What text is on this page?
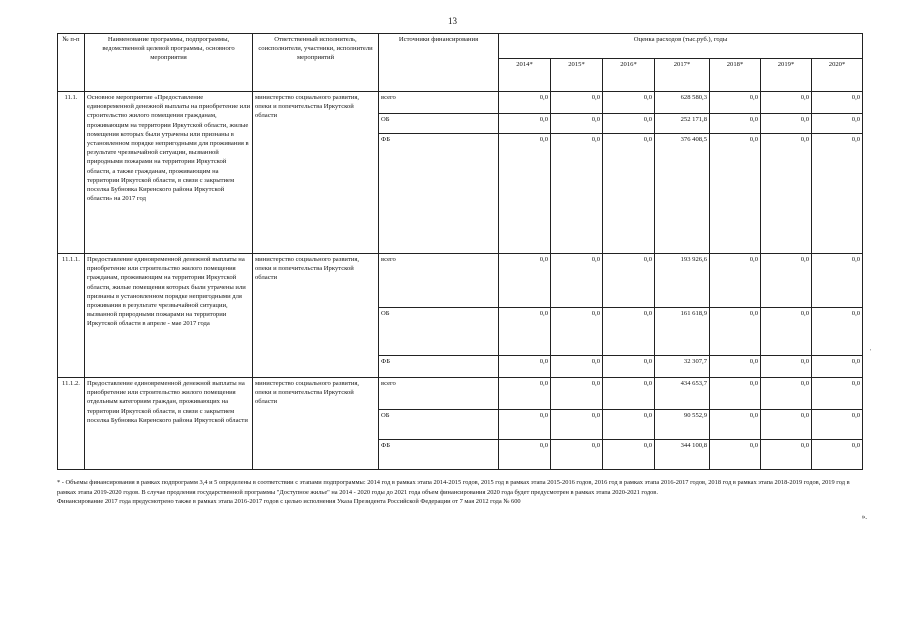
13
№ п-п	Наименование программы, подпрограммы, ведомственной целевой программы, основного мероприятия	Ответственный исполнитель, соисполнители, участники, исполнители мероприятий	Источники финансирования	Оценка расходов (тыс.руб.), годы						
				2014*	2015*	2016*	2017*	2018*	2019*	2020*
11.1.	Основное мероприятие «Предоставление единовременной денежной выплаты на приобретение или строительство жилого помещения гражданам, проживающим на территории Иркутской области, жилые помещения которых были утрачены или признаны в установленном порядке непригодными для проживания в результате чрезвычайной ситуации, вызванной природными пожарами на территории Иркутской области, а также гражданам, проживающим на территории Иркутской области, в связи с закрытием поселка Бубновка Киренского района Иркутской области» на 2017 год	министерство социального развития, опеки и попечительства Иркутской области	всего	0,0	0,0	0,0	628 580,3	0,0	0,0	0,0
			ОБ	0,0	0,0	0,0	252 171,8	0,0	0,0	0,0
			ФБ	0,0	0,0	0,0	376 408,5	0,0	0,0	0,0
11.1.1.	Предоставление единовременной денежной выплаты на приобретение или строительство жилого помещения гражданам, проживающим на территории Иркутской области, жилые помещения которых были утрачены или признаны в установленном порядке непригодными для проживания в результате чрезвычайной ситуации, вызванной природными пожарами на территории Иркутской области в апреле - мае 2017 года	министерство социального развития, опеки и попечительства Иркутской области	всего	0,0	0,0	0,0	193 926,6	0,0	0,0	0,0
			ОБ	0,0	0,0	0,0	161 618,9	0,0	0,0	0,0
			ФБ	0,0	0,0	0,0	32 307,7	0,0	0,0	0,0
11.1.2.	Предоставление единовременной денежной выплаты на приобретение или строительство жилого помещения отдельным категориям граждан, проживающих на территории Иркутской области, в связи с закрытием поселка Бубновка Киренского района Иркутской области	министерство социального развития, опеки и попечительства Иркутской области	всего	0,0	0,0	0,0	434 653,7	0,0	0,0	0,0
			ОБ	0,0	0,0	0,0	90 552,9	0,0	0,0	0,0
			ФБ	0,0	0,0	0,0	344 100,8	0,0	0,0	0,0

* - Объемы финансирования в рамках подпрограмм 3,4 и 5 определены в соответствии с этапами подпрограммы: 2014 год в рамках этапа 2014-2015 годов, 2015 год в рамках этапа 2015-2016 годов, 2016 год в рамках этапа 2016-2017 годов, 2018 год в рамках этапа 2018-2019 годов, 2019 год в рамках этапа 2019-2020 годов. В случае продления государственной программы "Доступное жилье" на 2014 - 2020 годы до 2021 года объем финансирования 2020 года будет предусмотрен в рамках этапа 2020-2021 годов.

Финансирование 2017 года предусмотрено также в рамках этапа 2016-2017 годов с целью исполнения Указа Президента Российской Федерации от 7 мая 2012 года № 600

».
'
